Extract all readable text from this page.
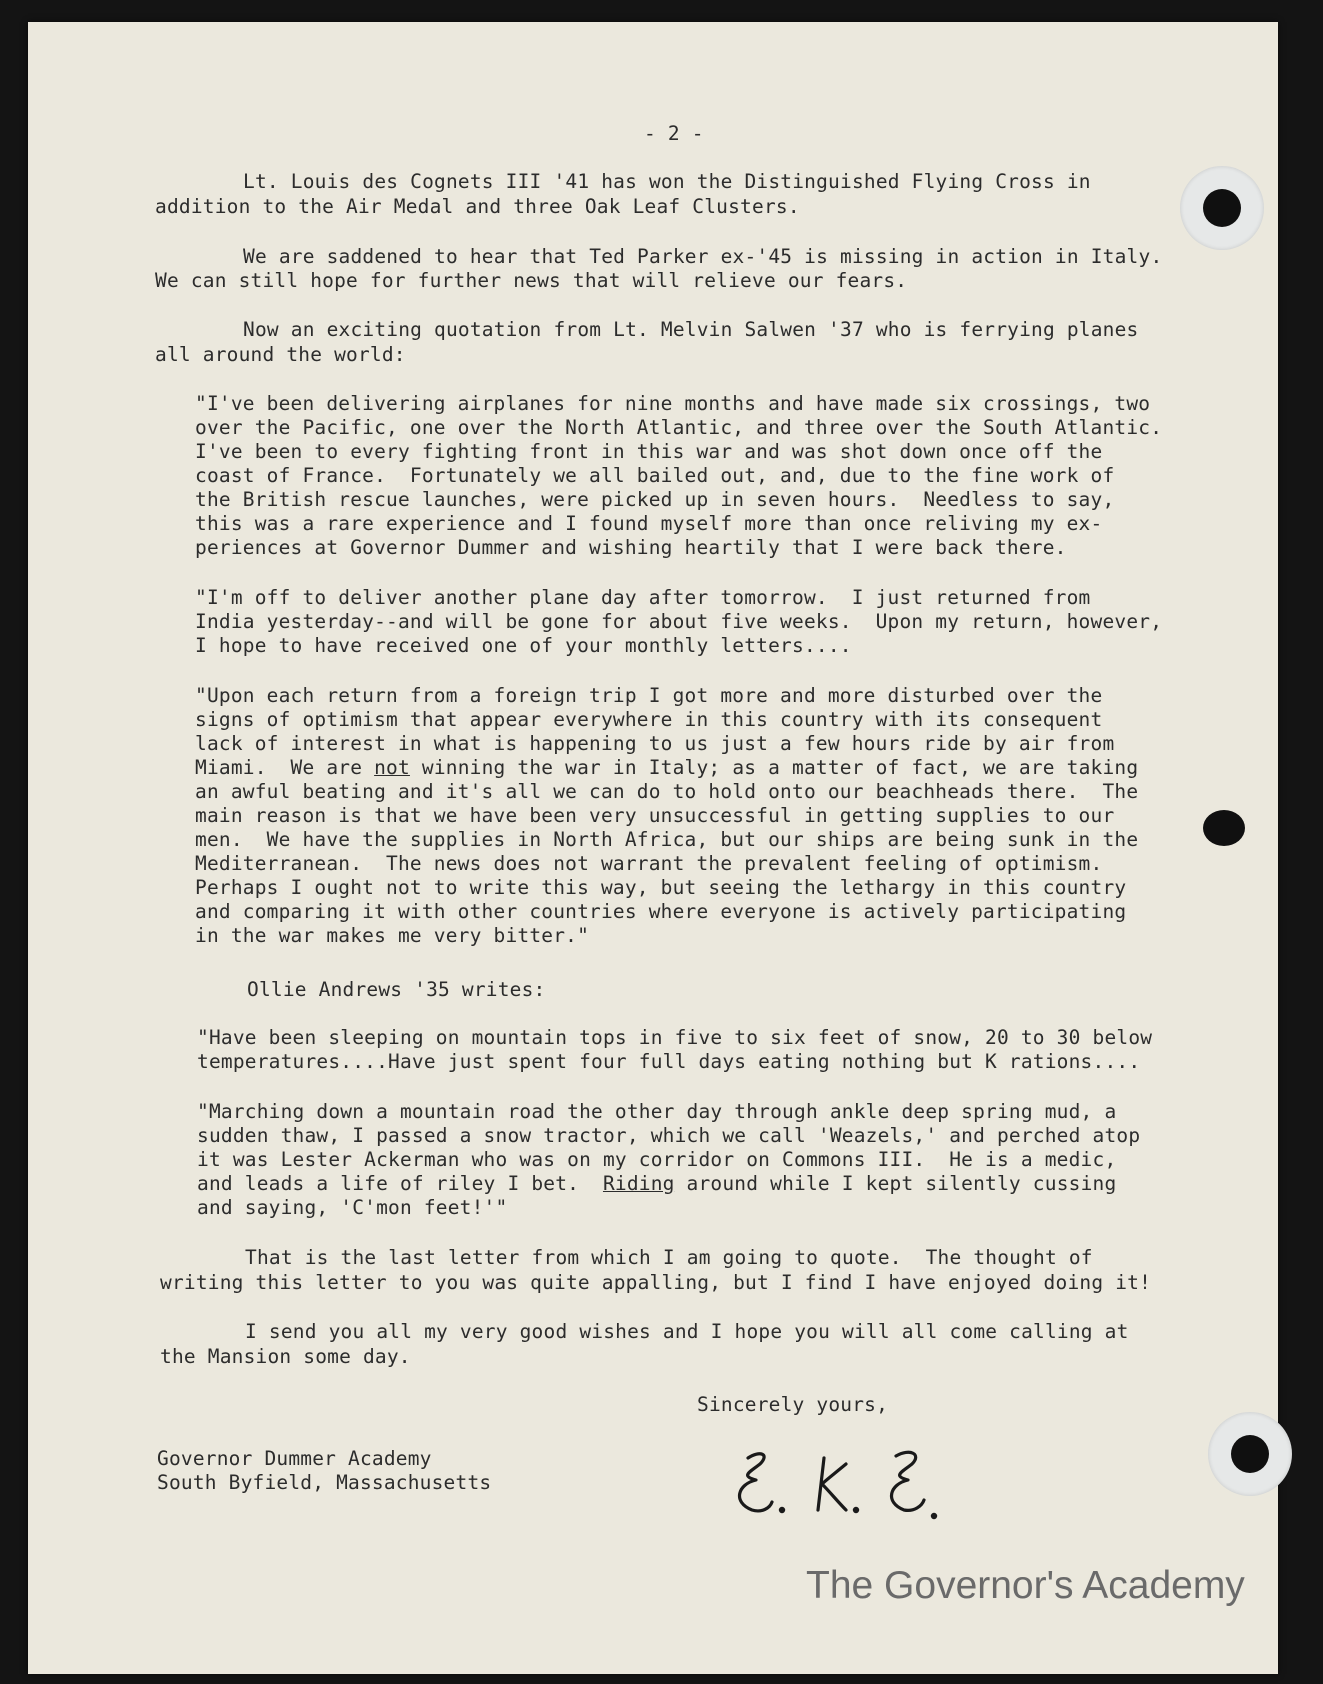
- 2 -
Lt. Louis des Cognets III '41 has won the Distinguished Flying Cross in
addition to the Air Medal and three Oak Leaf Clusters.
We are saddened to hear that Ted Parker ex-'45 is missing in action in Italy.
We can still hope for further news that will relieve our fears.
Now an exciting quotation from Lt. Melvin Salwen '37 who is ferrying planes
all around the world:
"I've been delivering airplanes for nine months and have made six crossings, two
over the Pacific, one over the North Atlantic, and three over the South Atlantic.
I've been to every fighting front in this war and was shot down once off the
coast of France.  Fortunately we all bailed out, and, due to the fine work of
the British rescue launches, were picked up in seven hours.  Needless to say,
this was a rare experience and I found myself more than once reliving my ex-
periences at Governor Dummer and wishing heartily that I were back there.
"I'm off to deliver another plane day after tomorrow.  I just returned from
India yesterday--and will be gone for about five weeks.  Upon my return, however,
I hope to have received one of your monthly letters....
"Upon each return from a foreign trip I got more and more disturbed over the
signs of optimism that appear everywhere in this country with its consequent
lack of interest in what is happening to us just a few hours ride by air from
Miami.  We are not winning the war in Italy; as a matter of fact, we are taking
an awful beating and it's all we can do to hold onto our beachheads there.  The
main reason is that we have been very unsuccessful in getting supplies to our
men.  We have the supplies in North Africa, but our ships are being sunk in the
Mediterranean.  The news does not warrant the prevalent feeling of optimism.
Perhaps I ought not to write this way, but seeing the lethargy in this country
and comparing it with other countries where everyone is actively participating
in the war makes me very bitter."
Ollie Andrews '35 writes:
"Have been sleeping on mountain tops in five to six feet of snow, 20 to 30 below
temperatures....Have just spent four full days eating nothing but K rations....
"Marching down a mountain road the other day through ankle deep spring mud, a
sudden thaw, I passed a snow tractor, which we call 'Weazels,' and perched atop
it was Lester Ackerman who was on my corridor on Commons III.  He is a medic,
and leads a life of riley I bet.  Riding around while I kept silently cussing
and saying, 'C'mon feet!'"
That is the last letter from which I am going to quote.  The thought of
writing this letter to you was quite appalling, but I find I have enjoyed doing it!
I send you all my very good wishes and I hope you will all come calling at
the Mansion some day.
Sincerely yours,
Governor Dummer Academy
South Byfield, Massachusetts
The Governor's Academy
